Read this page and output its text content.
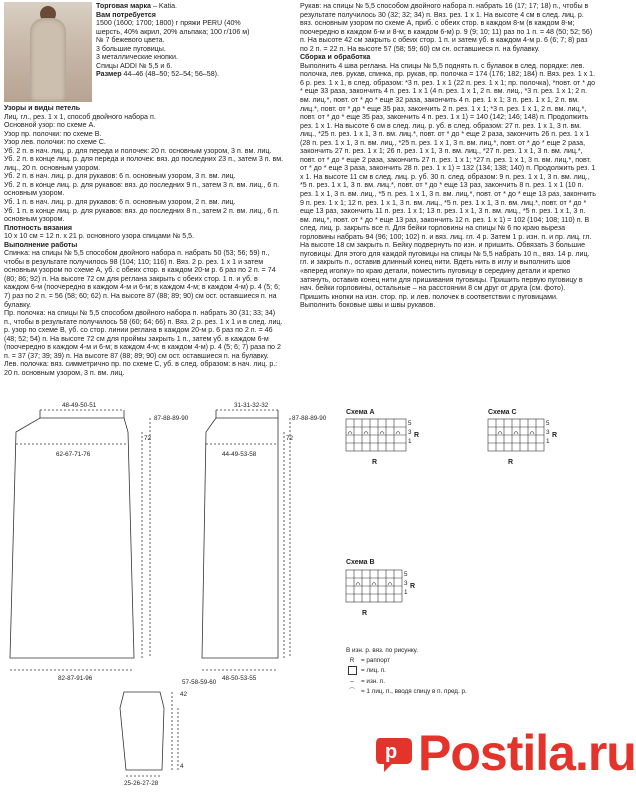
Торговая марка – Katia.

Вам потребуется

1500 (1600; 1700; 1800) г пряжи PERU (40%

шерсть, 40% акрил, 20% альпака; 100 г/106 м)

№ 7 бежевого цвета.

3 большие пуговицы.

3 металлические кнопки.

Спицы ADDI № 5,5 и 6.

Размер 44–46 (48–50; 52–54; 56–58).

Узоры и виды петель

Лиц. гл., рез. 1 х 1, способ двойного набора п.

Основной узор: по схеме А.

Узор пр. полочки: по схеме В.

Узор лев. полочки: по схеме С.

Уб. 2 п. в нач. лиц. р. для переда и полочек: 20 п. основным узором, 3 п. вм. лиц.

Уб. 2 п. в конце лиц. р. для переда и полочек: вяз. до последних 23 п., затем 3 п. вм. лиц., 20 п. основным узором.

Уб. 2 п. в нач. лиц. р. для рукавов: 6 п. основным узором, 3 п. вм. лиц.

Уб. 2 п. в конце лиц. р. для рукавов: вяз. до последних 9 п., затем 3 п. вм. лиц., 6 п. основным узором.

Уб. 1 п. в нач. лиц. р. для рукавов: 6 п. основным узором, 2 п. вм. лиц.

Уб. 1 п. в конце лиц. р. для рукавов: вяз. до последних 8 п., затем 2 п. вм. лиц., 6 п. основным узором.

Плотность вязания

10 х 10 см = 12 п. х 21 р. основного узора спицами № 5,5.

Выполнение работы

Спинка: на спицы № 5,5 способом двойного набора п. набрать 50 (53; 56; 59) п., чтобы в результате получилось 98 (104; 110; 116) п. Вяз. 2 р. рез. 1 х 1 и затем основным узором по схеме А, уб. с обеих стор. в каждом 20-м р. 6 раз по 2 п. = 74 (80; 86; 92) п. На высоте 72 см для реглана закрыть с обеих стор. 1 п. и уб. в каждом 6-м (поочередно в каждом 4-м и 6-м; в каждом 4-м; в каждом 4-м) р. 4 (5; 6; 7) раз по 2 п. = 56 (58; 60; 62) п. На высоте 87 (88; 89; 90) см ост. оставшиеся п. на булавку.

Пр. полочка: на спицы № 5,5 способом двойного набора п. набрать 30 (31; 33; 34) п., чтобы в результате получилось 58 (60; 64; 66) п. Вяз. 2 р. рез. 1 х 1 и в след. лиц. р. узор по схеме В, уб. со стор. линии реглана в каждом 20-м р. 6 раз по 2 п. = 46 (48; 52; 54) п. На высоте 72 см для проймы закрыть 1 п., затем уб. в каждом 6-м (поочередно в каждом 4-м и 6-м; в каждом 4-м; в каждом 4-м) р. 4 (5; 6; 7) раза по 2 п. = 37 (37; 39; 39) п. На высоте 87 (88; 89; 90) см ост. оставшиеся п. на булавку.

Лев. полочка: вяз. симметрично пр. по схеме С, уб. в след. образом: в нач. лиц. р.: 20 п. основным узором, 3 п. вм. лиц.

Рукав: на спицы № 5,5 способом двойного набора п. набрать 16 (17; 17; 18) п., чтобы в результате получилось 30 (32; 32; 34) п. Вяз. рез. 1 х 1. На высоте 4 см в след. лиц. р. вяз. основным узором по схеме А, приб. с обеих стор. в каждом 8-м (в каждом 8-м; поочередно в каждом 6-м и 8-м; в каждом 6-м) р. 9 (9; 10; 11) раз по 1 п. = 48 (50; 52; 56) п. На высоте 42 см закрыть с обеих стор. 1 п. и затем уб. в каждом 4-м р. 6 (6; 7; 8) раз по 2 п. = 22 п. На высоте 57 (58; 59; 60) см сн. оставшиеся п. на булавку.

Сборка и обработка

Выполнить 4 шва реглана. На спицы № 5,5 поднять п. с булавок в след. порядке: лев. полочка, лев. рукав, спинка, пр. рукав, пр. полочка = 174 (176; 182; 184) п. Вяз. рез. 1 х 1. 6 р. рез. 1 х 1, в след. образом: *3 п. рез. 1 х 1 (22 п. рез. 1 х 1; пр. полочка), *повт. от * до * еще 33 раза, закончить 4 п. рез. 1 х 1 (4 п. рез. 1 х 1, 2 п. вм. лиц., *3 п. рез. 1 х 1; 2 п. вм. лиц.*, повт. от * до * еще 32 раза, закончить 4 п. рез. 1 х 1; 3 п. рез. 1 х 1, 2 п. вм. лиц.*, повт. от * до * еще 35 раз, закончить 2 п. рез. 1 х 1; *3 п. рез. 1 х 1, 2 п. вм. лиц.*, повт. от * до * еще 35 раз, закончить 4 п. рез. 1 х 1) = 140 (142; 146; 148) п. Продолжить рез. 1 х 1. На высоте 6 см в след. лиц. р. уб. в след. образом: 27 п. рез. 1 х 1, 3 п. вм. лиц., *25 п. рез. 1 х 1, 3 п. вм. лиц.*, повт. от * до * еще 2 раза, закончить 26 п. рез. 1 х 1 (28 п. рез. 1 х 1, 3 п. вм. лиц., *25 п. рез. 1 х 1, 3 п. вм. лиц.*, повт. от * до * еще 2 раза, закончить 27 п. рез. 1 х 1; 26 п. рез. 1 х 1, 3 п. вм. лиц., *27 п. рез. 1 х 1, 3 п. вм. лиц.*, повт. от * до * еще 2 раза, закончить 27 п. рез. 1 х 1; *27 п. рез. 1 х 1, 3 п. вм. лиц.*, повт. от * до * еще 3 раза, закончить 28 п. рез. 1 х 1) = 132 (134; 138; 140) п. Продолжить рез. 1 х 1. На высоте 11 см в след. лиц. р. уб. 30 п. след. образом: 9 п. рез. 1 х 1, 3 п. вм. лиц., *5 п. рез. 1 х 1, 3 п. вм. лиц.*, повт. от * до * еще 13 раз, закончить 8 п. рез. 1 х 1 (10 п. рез. 1 х 1, 3 п. вм. лиц., *5 п. рез. 1 х 1, 3 п. вм. лиц.*, повт. от * до * еще 13 раз, закончить 9 п. рез. 1 х 1; 12 п. рез. 1 х 1, 3 п. вм. лиц., *5 п. рез. 1 х 1, 3 п. вм. лиц.*, повт. от * до * еще 13 раз, закончить 11 п. рез. 1 х 1; 13 п. рез. 1 х 1, 3 п. вм. лиц., *5 п. рез. 1 х 1, 3 п. вм. лиц.*, повт. от * до * еще 13 раз, закончить 12 п. рез. 1 х 1) = 102 (104; 108; 110) п. В след. лиц. р. закрыть все п. Для бейки горловины на спицы № 6 по краю выреза горловины набрать 94 (96; 100; 102) п. и вяз. лиц. гл. 4 р. Затем 1 р. изн. п. и пр. лиц. гл. На высоте 18 см закрыть п. Бейку подвернуть по изн. и пришить. Обвязать 3 большие пуговицы. Для этого для каждой пуговицы на спицы № 5,5 набрать 10 п., вяз. 14 р. лиц. гл. и закрыть п., оставив длинный конец нити. Вдеть нить в иглу и выполнить шов «вперед иголку» по краю детали, поместить пуговицу в середину детали и крепко затянуть, оставив конец нити для пришивания пуговицы. Пришить первую пуговицу в нач. бейки горловины, остальные – на расстоянии 8 см друг от друга (см. фото). Пришить кнопки на изн. стор. пр. и лев. полочек в соответствии с пуговицами. Выполнить боковые швы и швы рукавов.

48-49-50-51
87-88-89-90
72
62-67-71-76
82-87-91-96
31-31-32-32
87-88-89-90
72
44-49-53-58
48-50-53-55
57-58-59-60
42
4
25-26-27-28
Схема А
5
3
1
R
R
Схема С
5
3
1
R
R
Схема В
5
3
1
R
R
В изн. р. вяз. по рисунку.
R	= раппорт
= лиц. п.
–	= изн. п.
⌒ = 1 лиц. п., вводя спицу в п. пред. р.
p Postila.ru
